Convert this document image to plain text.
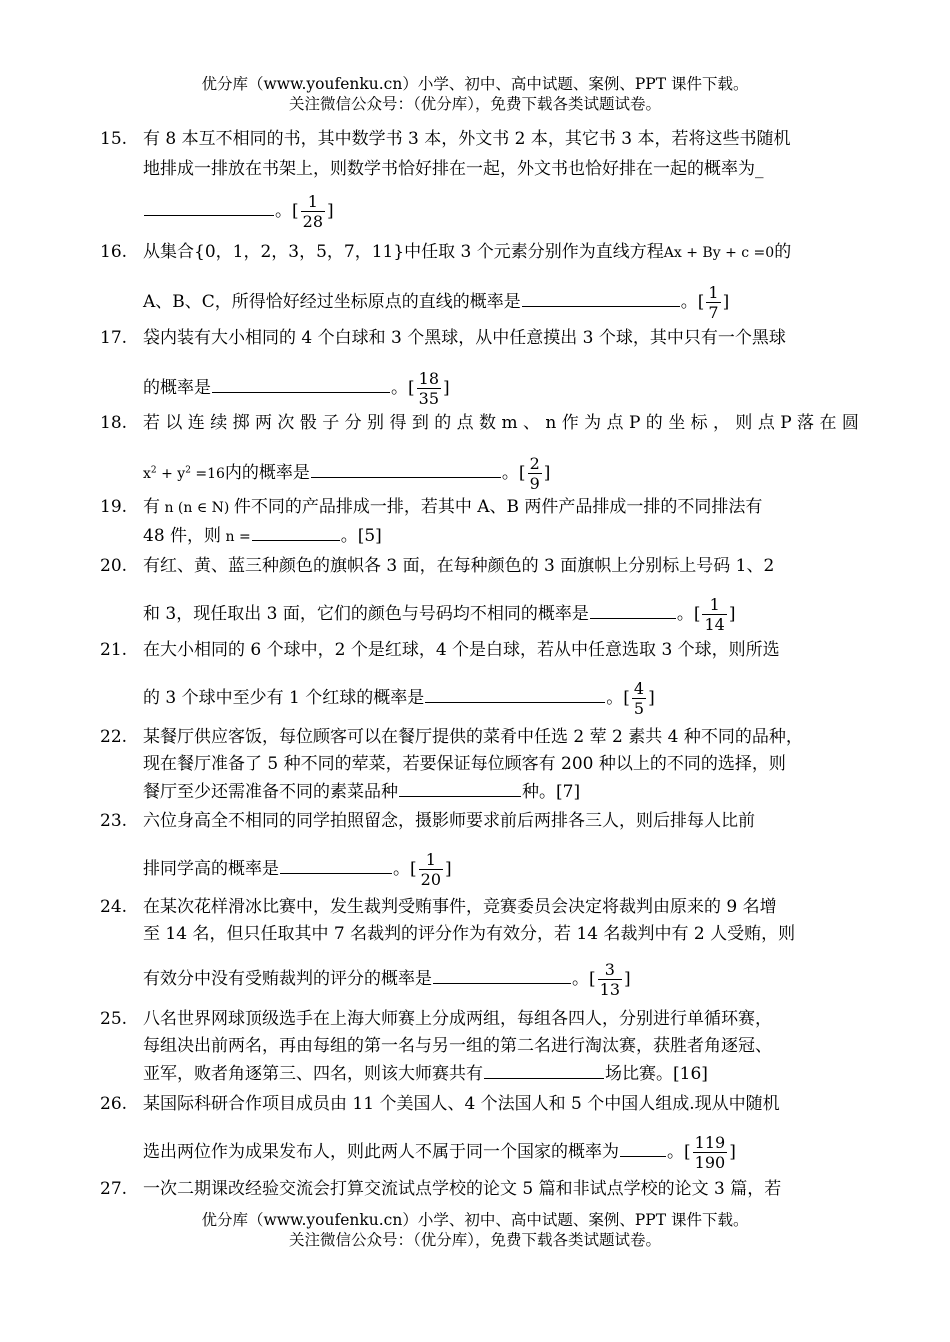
优分库（www.youfenku.cn）小学、初中、高中试题、案例、PPT 课件下载。
关注微信公众号：（优分库），免费下载各类试题试卷。
15. 有 8 本互不相同的书，其中数学书 3 本，外文书 2 本，其它书 3 本，若将这些书随机
地排成一排放在书架上，则数学书恰好排在一起，外文书也恰好排在一起的概率为_
。[ $\frac{1}{28}$ ]
16. 从集合{0，1，2，3，5，7，11}中任取 3 个元素分别作为直线方程Ax + By + c =0的
A、B、C，所得恰好经过坐标原点的直线的概率是	。[ $\frac{1}{7}$ ]
17. 袋内装有大小相同的 4 个白球和 3 个黑球，从中任意摸出 3 个球，其中只有一个黑球
的概率是	。[ $\frac{18}{35}$ ]
18. 若 以 连 续 掷 两 次 骰 子 分 别 得 到 的 点 数 m 、 n 作 为 点 P 的 坐 标 ， 则 点 P 落 在 圆
$x^2 + y^2 =16$内的概率是	。[ $\frac{2}{9}$ ]
19. 有 n (n ∈ N) 件不同的产品排成一排，若其中 A、B 两件产品排成一排的不同排法有
48 件，则 n =	。[5]
20. 有红、黄、蓝三种颜色的旗帜各 3 面，在每种颜色的 3 面旗帜上分别标上号码 1、2
和 3，现任取出 3 面，它们的颜色与号码均不相同的概率是	。[ $\frac{1}{14}$ ]
21. 在大小相同的 6 个球中，2 个是红球，4 个是白球，若从中任意选取 3 个球，则所选
的 3 个球中至少有 1 个红球的概率是	。[ $\frac{4}{5}$ ]
22. 某餐厅供应客饭，每位顾客可以在餐厅提供的菜肴中任选 2 荤 2 素共 4 种不同的品种，
现在餐厅准备了 5 种不同的荤菜，若要保证每位顾客有 200 种以上的不同的选择，则
餐厅至少还需准备不同的素菜品种	种。[7]
23. 六位身高全不相同的同学拍照留念，摄影师要求前后两排各三人，则后排每人比前
排同学高的概率是	。[ $\frac{1}{20}$ ]
24. 在某次花样滑冰比赛中，发生裁判受贿事件，竞赛委员会决定将裁判由原来的 9 名增
至 14 名，但只任取其中 7 名裁判的评分作为有效分，若 14 名裁判中有 2 人受贿，则
有效分中没有受贿裁判的评分的概率是	。[ $\frac{3}{13}$ ]
25. 八名世界网球顶级选手在上海大师赛上分成两组，每组各四人，分别进行单循环赛，
每组决出前两名，再由每组的第一名与另一组的第二名进行淘汰赛，获胜者角逐冠、
亚军，败者角逐第三、四名，则该大师赛共有	场比赛。[16]
26. 某国际科研合作项目成员由 11 个美国人、4 个法国人和 5 个中国人组成.现从中随机
选出两位作为成果发布人，则此两人不属于同一个国家的概率为	。[ $\frac{119}{190}$ ]
27. 一次二期课改经验交流会打算交流试点学校的论文 5 篇和非试点学校的论文 3 篇，若
优分库（www.youfenku.cn）小学、初中、高中试题、案例、PPT 课件下载。
关注微信公众号：（优分库），免费下载各类试题试卷。
